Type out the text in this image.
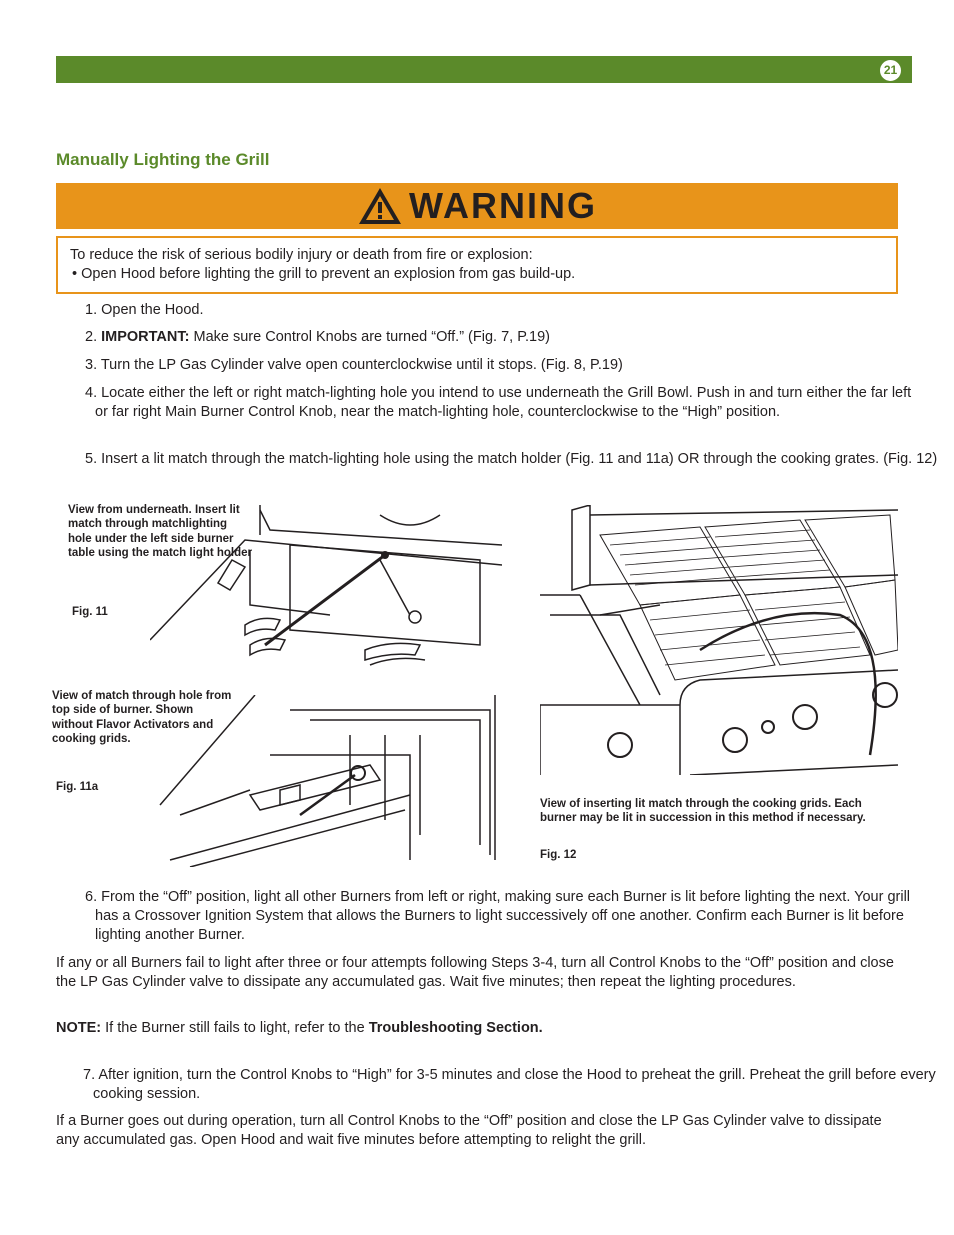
21
Manually Lighting the Grill
WARNING

To reduce the risk of serious bodily injury or death from fire or explosion:

• Open Hood before lighting the grill to prevent an explosion from gas build-up.

1. Open the Hood.

2. IMPORTANT: Make sure Control Knobs are turned “Off.” (Fig. 7, P.19)

3. Turn the LP Gas Cylinder valve open counterclockwise until it stops. (Fig. 8, P.19)

4. Locate either the left or right match-lighting hole you intend to use underneath the Grill Bowl. Push in and turn either the far left or far right Main Burner Control Knob, near the match-lighting hole, counterclockwise to the “High” position.

5. Insert a lit match through the match-lighting hole using the match holder (Fig. 11 and 11a) OR through the cooking grates. (Fig. 12)

View from underneath. Insert lit match through matchlighting hole under the left side burner table using the match light holder

Fig. 11

View of match through hole from top side of burner. Shown without Flavor Activators and cooking grids.

Fig. 11a

View of inserting lit match through the cooking grids. Each burner may be lit in succession in this method if necessary.

Fig. 12

6. From the “Off” position, light all other Burners from left or right, making sure each Burner is lit before lighting the next. Your grill has a Crossover Ignition System that allows the Burners to light successively off one another. Confirm each Burner is lit before lighting another Burner.

If any or all Burners fail to light after three or four attempts following Steps 3-4, turn all Control Knobs to the “Off” position and close the LP Gas Cylinder valve to dissipate any accumulated gas. Wait five minutes; then repeat the lighting procedures.

NOTE: If the Burner still fails to light, refer to the Troubleshooting Section.

7. After ignition, turn the Control Knobs to “High” for 3-5 minutes and close the Hood to preheat the grill. Preheat the grill before every cooking session.

If a Burner goes out during operation, turn all Control Knobs to the “Off” position and close the LP Gas Cylinder valve to dissipate any accumulated gas. Open Hood and wait five minutes before attempting to relight the grill.
